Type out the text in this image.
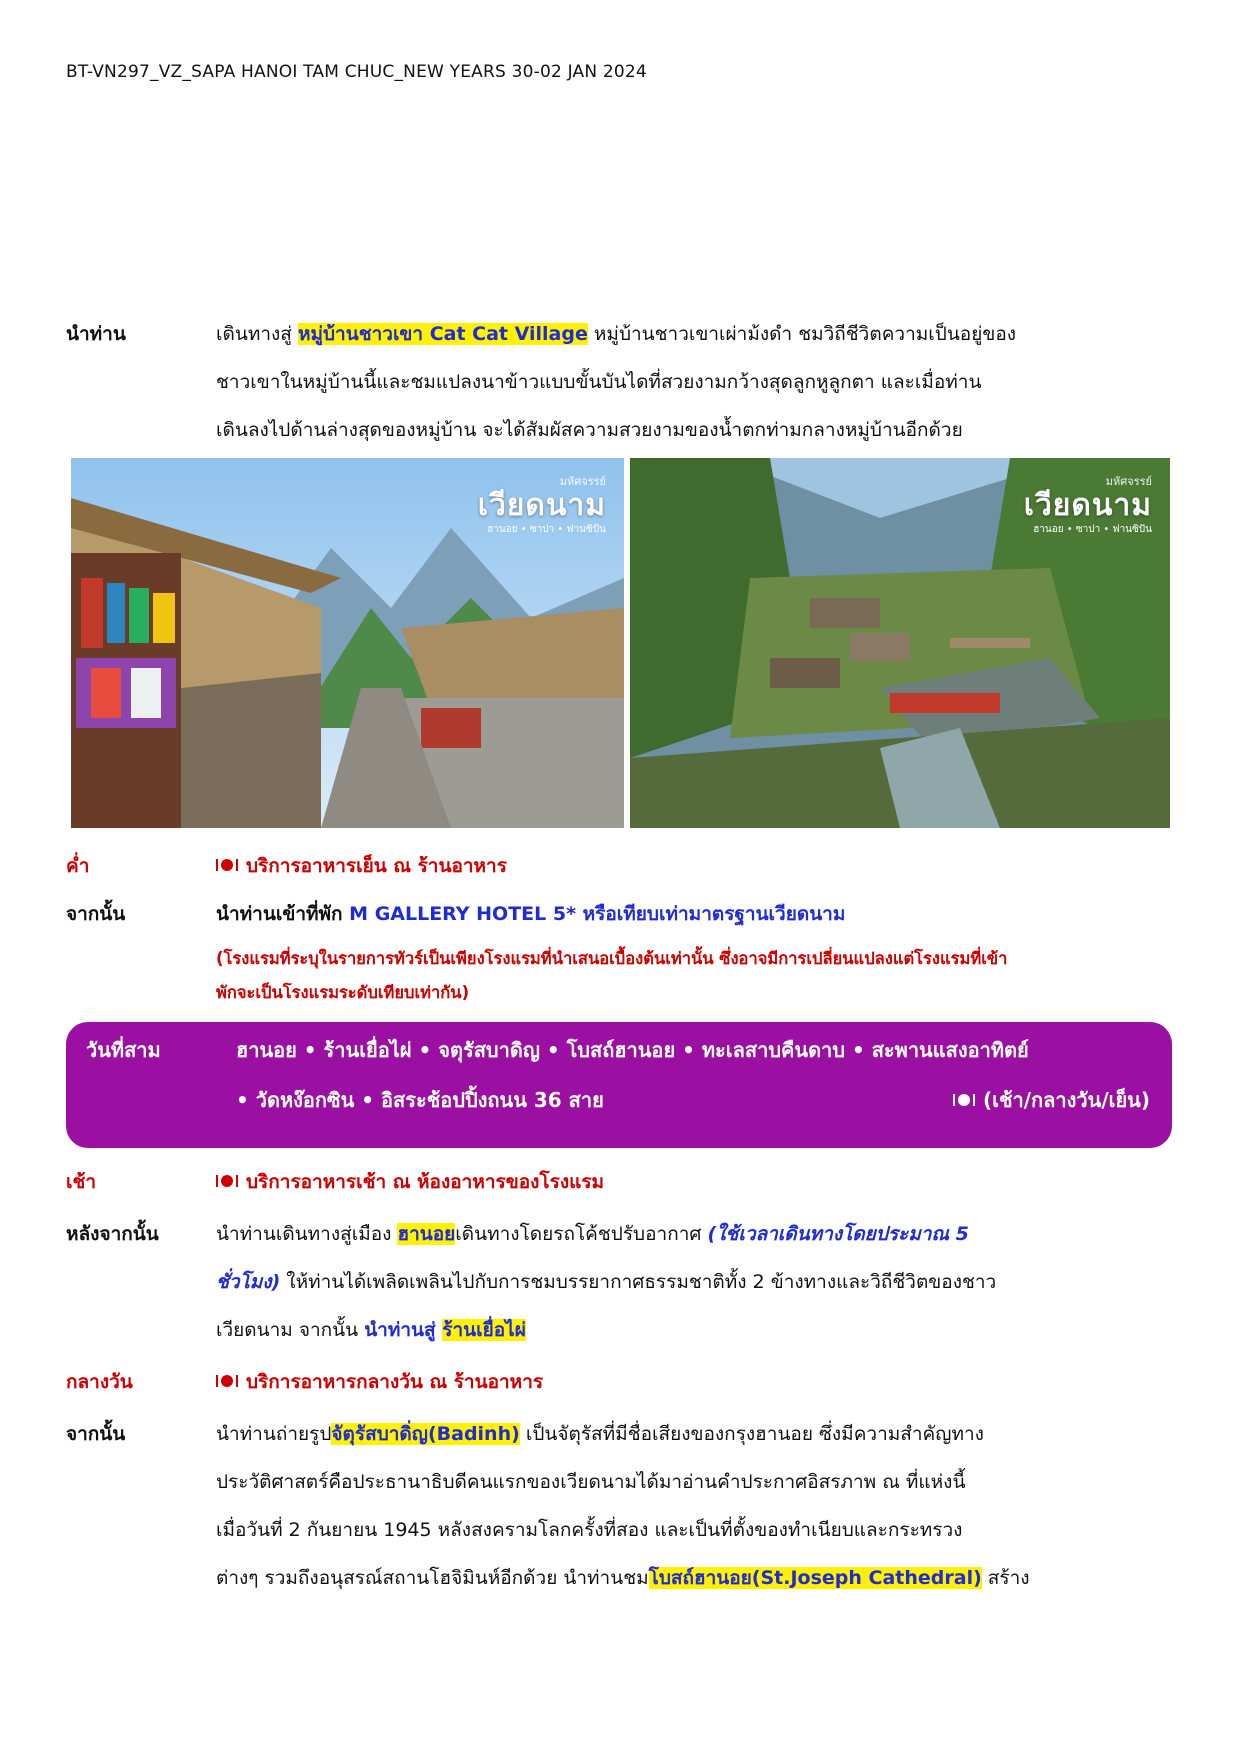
BT-VN297_VZ_SAPA HANOI TAM CHUC_NEW YEARS 30-02 JAN 2024
นำท่าน	เดินทางสู่ หมู่บ้านชาวเขา Cat Cat Village หมู่บ้านชาวเขาเผ่าม้งดำ ชมวิถีชีวิตความเป็นอยู่ของ
ชาวเขาในหมู่บ้านนี้และชมแปลงนาข้าวแบบขั้นบันไดที่สวยงามกว้างสุดลูกหูลูกตา และเมื่อท่าน
เดินลงไปด้านล่างสุดของหมู่บ้าน จะได้สัมผัสความสวยงามของน้ำตกท่ามกลางหมู่บ้านอีกด้วย
มหัศจรรย์
เวียดนาม
ฮานอย • ซาปา • ฟานซิปัน
มหัศจรรย์
เวียดนาม
ฮานอย • ซาปา • ฟานซิปัน
ค่ำ	บริการอาหารเย็น ณ ร้านอาหาร
จากนั้น	นำท่านเข้าที่พัก M GALLERY HOTEL 5* หรือเทียบเท่ามาตรฐานเวียดนาม
(โรงแรมที่ระบุในรายการทัวร์เป็นเพียงโรงแรมที่นำเสนอเบื้องต้นเท่านั้น ซึ่งอาจมีการเปลี่ยนแปลงแต่โรงแรมที่เข้า
พักจะเป็นโรงแรมระดับเทียบเท่ากัน)
วันที่สาม	ฮานอย • ร้านเยื่อไผ่ • จตุรัสบาดิญ • โบสถ์ฮานอย • ทะเลสาบคืนดาบ • สะพานแสงอาทิตย์
• วัดหง๊อกซิน • อิสระช้อปปิ้งถนน 36 สาย	(เช้า/กลางวัน/เย็น)
เช้า	บริการอาหารเช้า ณ ห้องอาหารของโรงแรม
หลังจากนั้น	นำท่านเดินทางสู่เมือง ฮานอยเดินทางโดยรถโค้ชปรับอากาศ (ใช้เวลาเดินทางโดยประมาณ 5
ชั่วโมง) ให้ท่านได้เพลิดเพลินไปกับการชมบรรยากาศธรรมชาติทั้ง 2 ข้างทางและวิถีชีวิตของชาว
เวียดนาม จากนั้น นำท่านสู่ ร้านเยื่อไผ่
กลางวัน	บริการอาหารกลางวัน ณ ร้านอาหาร
จากนั้น	นำท่านถ่ายรูปจัตุรัสบาดิ่ญ(Badinh) เป็นจัตุรัสที่มีชื่อเสียงของกรุงฮานอย ซึ่งมีความสำคัญทาง
ประวัติศาสตร์คือประธานาธิบดีคนแรกของเวียดนามได้มาอ่านคำประกาศอิสรภาพ ณ ที่แห่งนี้
เมื่อวันที่ 2 กันยายน 1945 หลังสงครามโลกครั้งที่สอง และเป็นที่ตั้งของทำเนียบและกระทรวง
ต่างๆ รวมถึงอนุสรณ์สถานโฮจิมินห์อีกด้วย นำท่านชมโบสถ์ฮานอย(St.Joseph Cathedral) สร้าง
